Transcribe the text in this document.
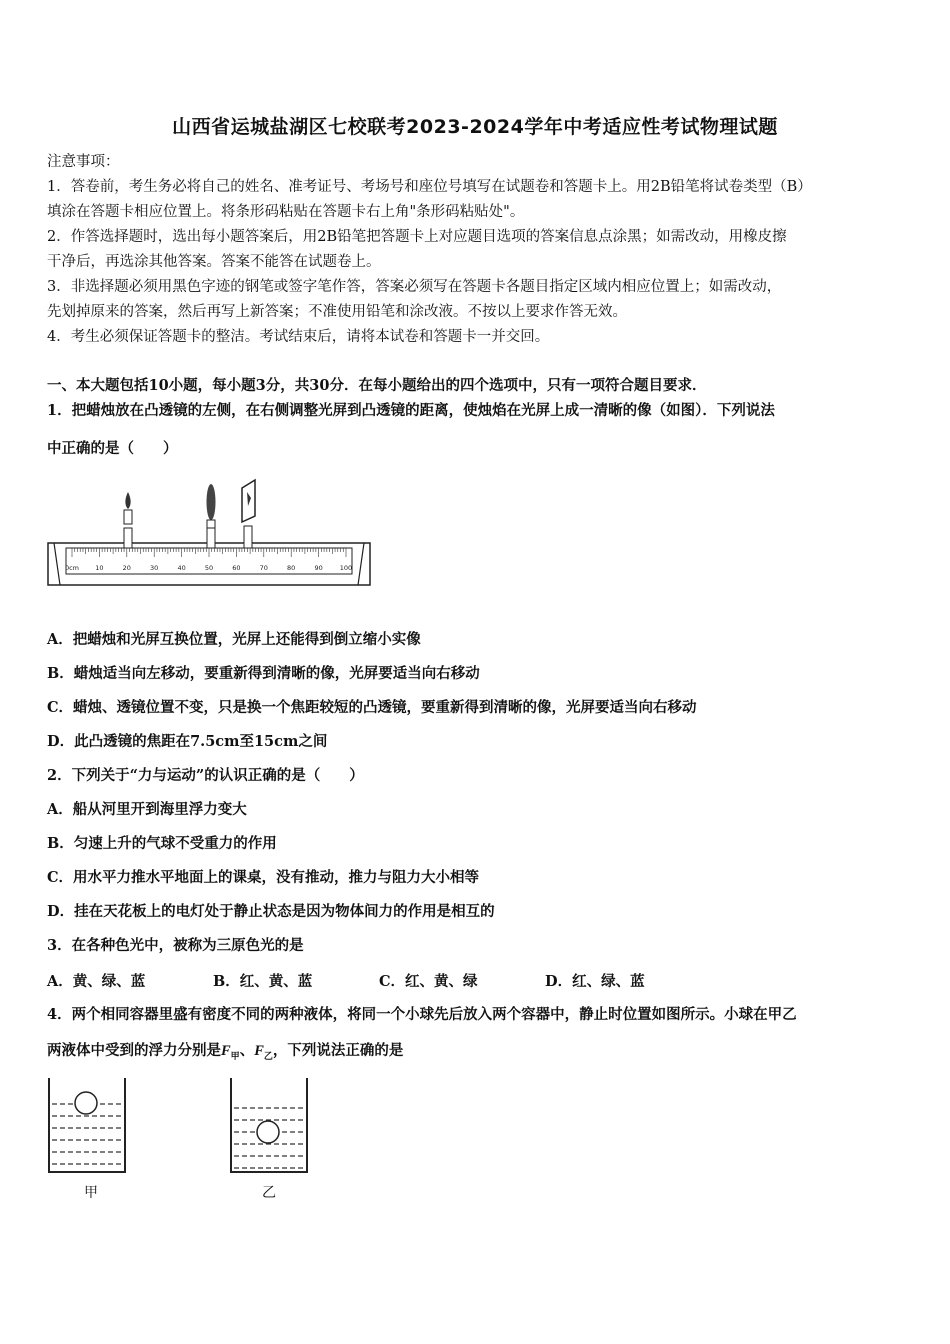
山西省运城盐湖区七校联考2023-2024学年中考适应性考试物理试题
注意事项：
1．答卷前，考生务必将自己的姓名、准考证号、考场号和座位号填写在试题卷和答题卡上。用2B铅笔将试卷类型（B）
填涂在答题卡相应位置上。将条形码粘贴在答题卡右上角"条形码粘贴处"。
2．作答选择题时，选出每小题答案后，用2B铅笔把答题卡上对应题目选项的答案信息点涂黑；如需改动，用橡皮擦
干净后，再选涂其他答案。答案不能答在试题卷上。
3．非选择题必须用黑色字迹的钢笔或签字笔作答，答案必须写在答题卡各题目指定区域内相应位置上；如需改动，
先划掉原来的答案，然后再写上新答案；不准使用铅笔和涂改液。不按以上要求作答无效。
4．考生必须保证答题卡的整洁。考试结束后，请将本试卷和答题卡一并交回。
一、本大题包括10小题，每小题3分，共30分．在每小题给出的四个选项中，只有一项符合题目要求．
1．把蜡烛放在凸透镜的左侧，在右侧调整光屏到凸透镜的距离，使烛焰在光屏上成一清晰的像（如图）．下列说法
中正确的是（　　）
0cm 10	20	30	40	50	60	70	80	90	100
A．把蜡烛和光屏互换位置，光屏上还能得到倒立缩小实像
B．蜡烛适当向左移动，要重新得到清晰的像，光屏要适当向右移动
C．蜡烛、透镜位置不变，只是换一个焦距较短的凸透镜，要重新得到清晰的像，光屏要适当向右移动
D．此凸透镜的焦距在7.5cm至15cm之间
2．下列关于“力与运动”的认识正确的是（　　）
A．船从河里开到海里浮力变大
B．匀速上升的气球不受重力的作用
C．用水平力推水平地面上的课桌，没有推动，推力与阻力大小相等
D．挂在天花板上的电灯处于静止状态是因为物体间力的作用是相互的
3．在各种色光中，被称为三原色光的是
A．黄、绿、蓝	B．红、黄、蓝	C．红、黄、绿	D．红、绿、蓝
4．两个相同容器里盛有密度不同的两种液体，将同一个小球先后放入两个容器中，静止时位置如图所示。小球在甲乙
两液体中受到的浮力分别是$F_甲$、$F_乙$，下列说法正确的是
甲	乙
